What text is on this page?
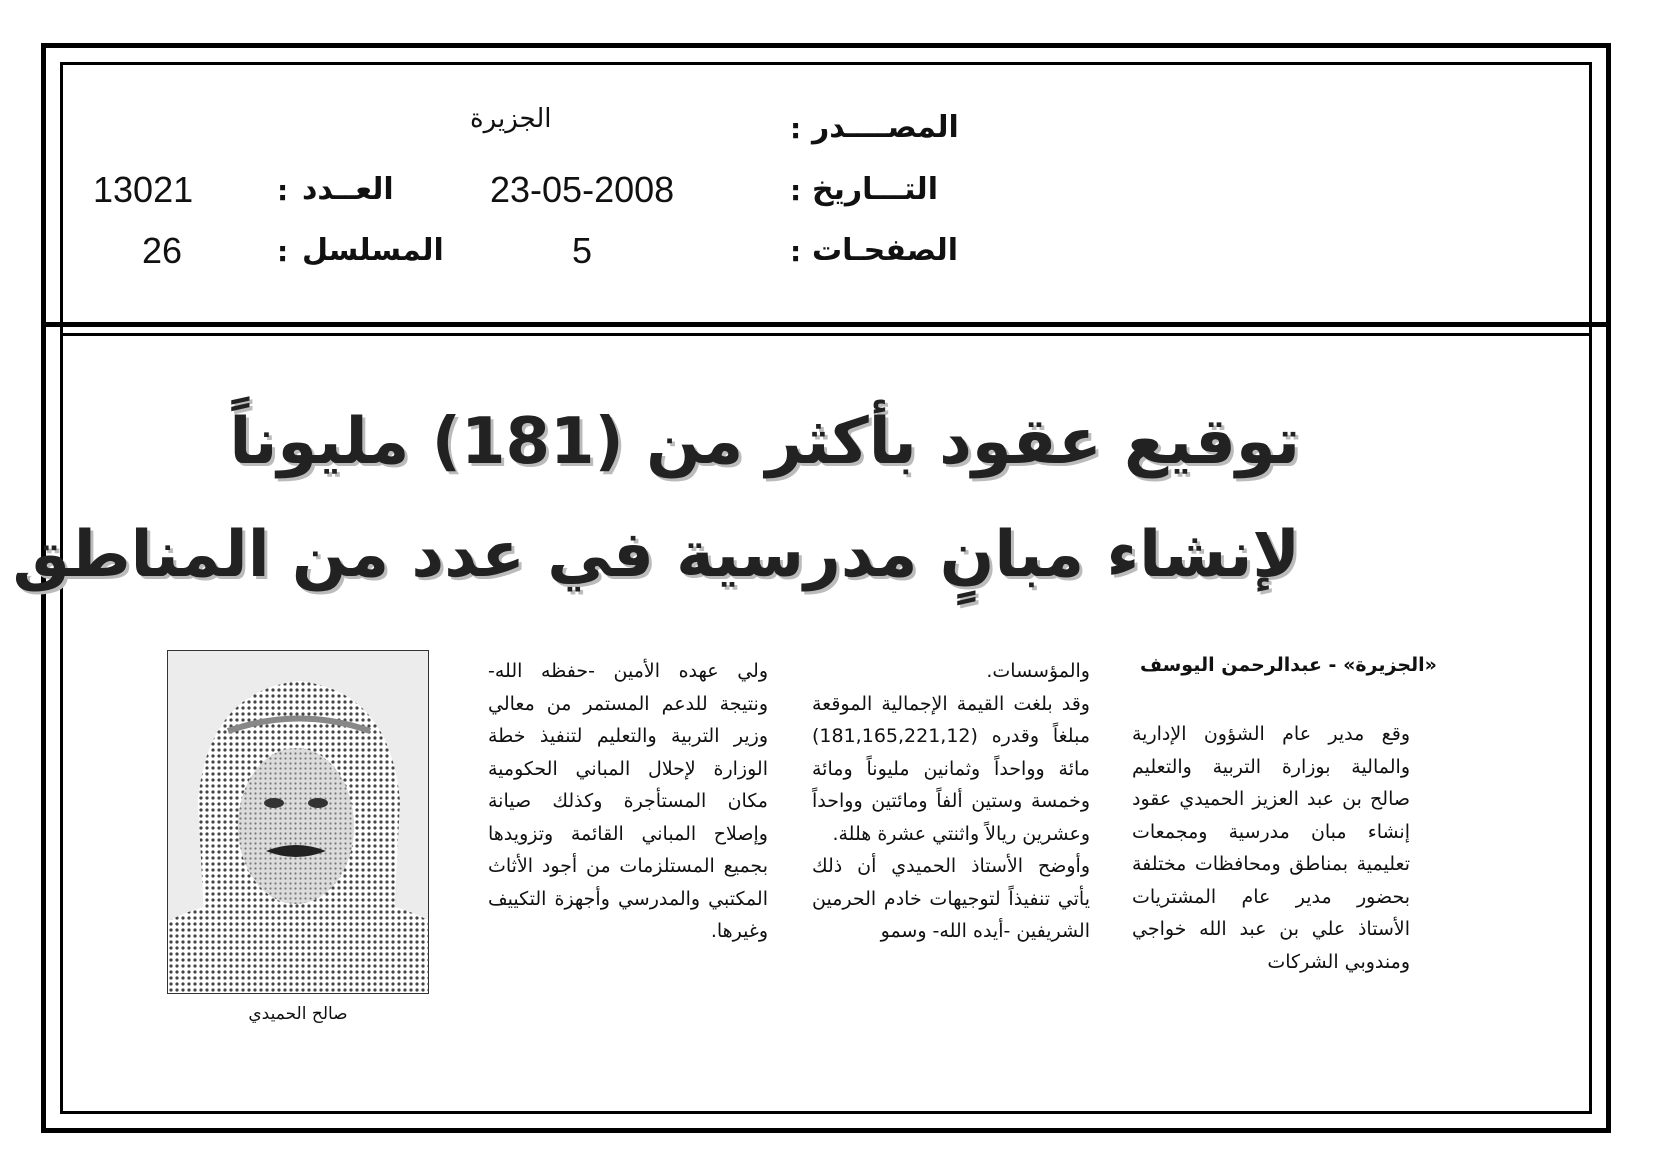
المصــــدر
:
الجزيرة
التـــاريخ
:
23-05-2008
العــدد
:
13021
الصفحـات
:
5
المسلسل
:
26
توقيع عقود بأكثر من (181) مليوناً
لإنشاء مبانٍ مدرسية في عدد من المناطق
«الجزيرة» - عبدالرحمن اليوسف

وقع مدير عام الشؤون الإدارية والمالية بوزارة التربية والتعليم صالح بن عبد العزيز الحميدي عقود إنشاء مبان مدرسية ومجمعات تعليمية بمناطق ومحافظات مختلفة بحضور مدير عام المشتريات الأستاذ علي بن عبد الله خواجي ومندوبي الشركات

والمؤسسات.

وقد بلغت القيمة الإجمالية الموقعة مبلغاً وقدره (181,165,221,12) مائة وواحداً وثمانين مليوناً ومائة وخمسة وستين ألفاً ومائتين وواحداً وعشرين ريالاً واثنتي عشرة هللة.

وأوضح الأستاذ الحميدي أن ذلك يأتي تنفيذاً لتوجيهات خادم الحرمين الشريفين -أيده الله- وسمو

ولي عهده الأمين -حفظه الله- ونتيجة للدعم المستمر من معالي وزير التربية والتعليم لتنفيذ خطة الوزارة لإحلال المباني الحكومية مكان المستأجرة وكذلك صيانة وإصلاح المباني القائمة وتزويدها بجميع المستلزمات من أجود الأثاث المكتبي والمدرسي وأجهزة التكييف وغيرها.

صالح الحميدي
